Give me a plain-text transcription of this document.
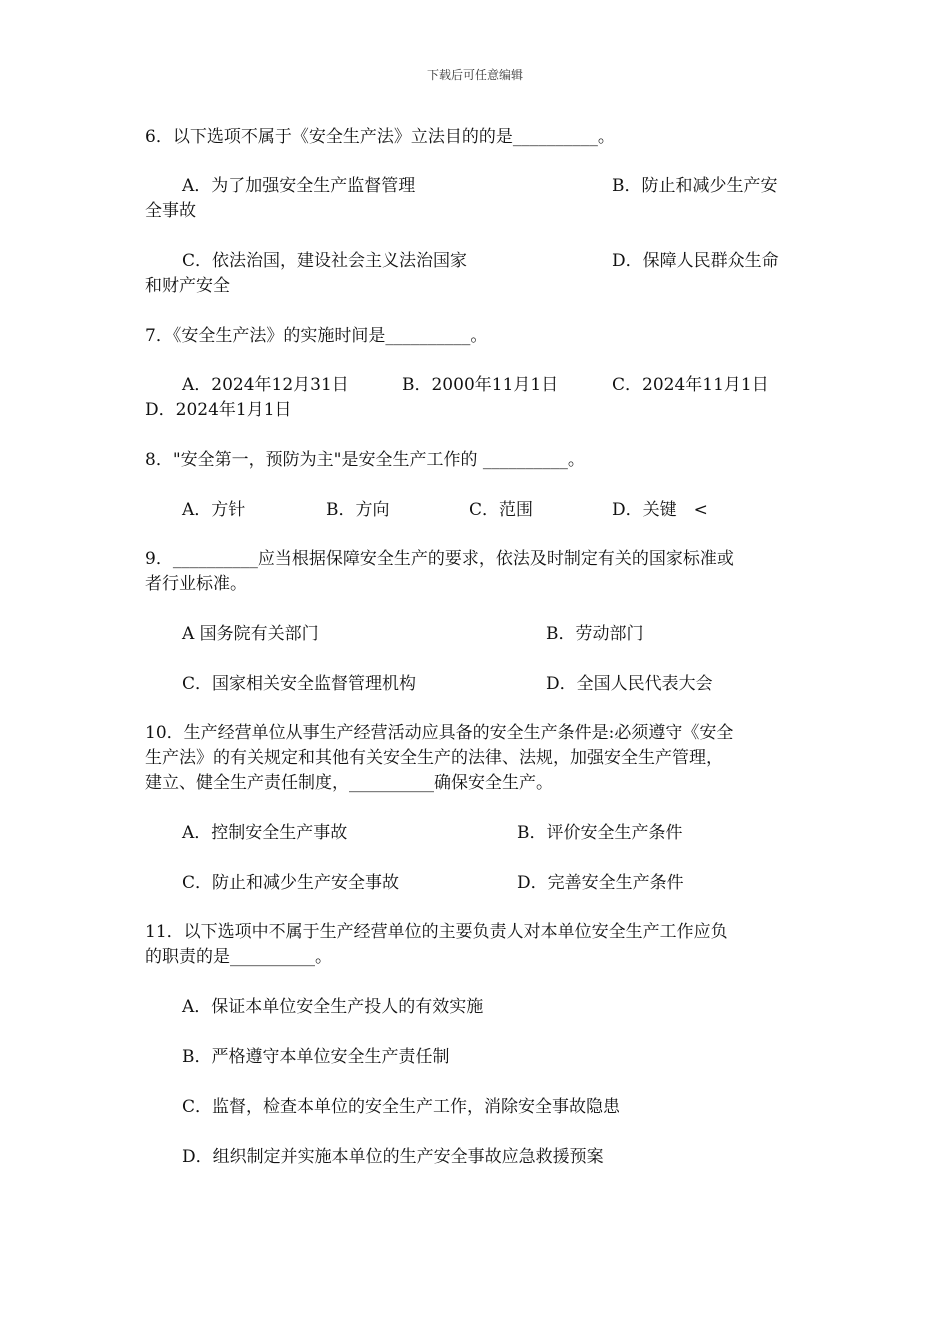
下载后可任意编辑
6．以下选项不属于《安全生产法》立法目的的是__________。
A．为了加强安全生产监督管理	B．防止和减少生产安
全事故
C．依法治国，建设社会主义法治国家	D．保障人民群众生命
和财产安全
7．《安全生产法》的实施时间是__________。
A．2024年12月31日	B．2000年11月1日	C．2024年11月1日
D．2024年1月1日
8．"安全第一，预防为主"是安全生产工作的 __________。
A．方针	B．方向	C．范围	D．关键　<
9．__________应当根据保障安全生产的要求，依法及时制定有关的国家标准或
者行业标准。
A 国务院有关部门	B．劳动部门
C．国家相关安全监督管理机构	D．全国人民代表大会
10．生产经营单位从事生产经营活动应具备的安全生产条件是:必须遵守《安全
生产法》的有关规定和其他有关安全生产的法律、法规，加强安全生产管理，
建立、健全生产责任制度，__________确保安全生产。
A．控制安全生产事故	B．评价安全生产条件
C．防止和减少生产安全事故	D．完善安全生产条件
11．以下选项中不属于生产经营单位的主要负责人对本单位安全生产工作应负
的职责的是__________。
A．保证本单位安全生产投人的有效实施
B．严格遵守本单位安全生产责任制
C．监督，检查本单位的安全生产工作，消除安全事故隐患
D．组织制定并实施本单位的生产安全事故应急救援预案
